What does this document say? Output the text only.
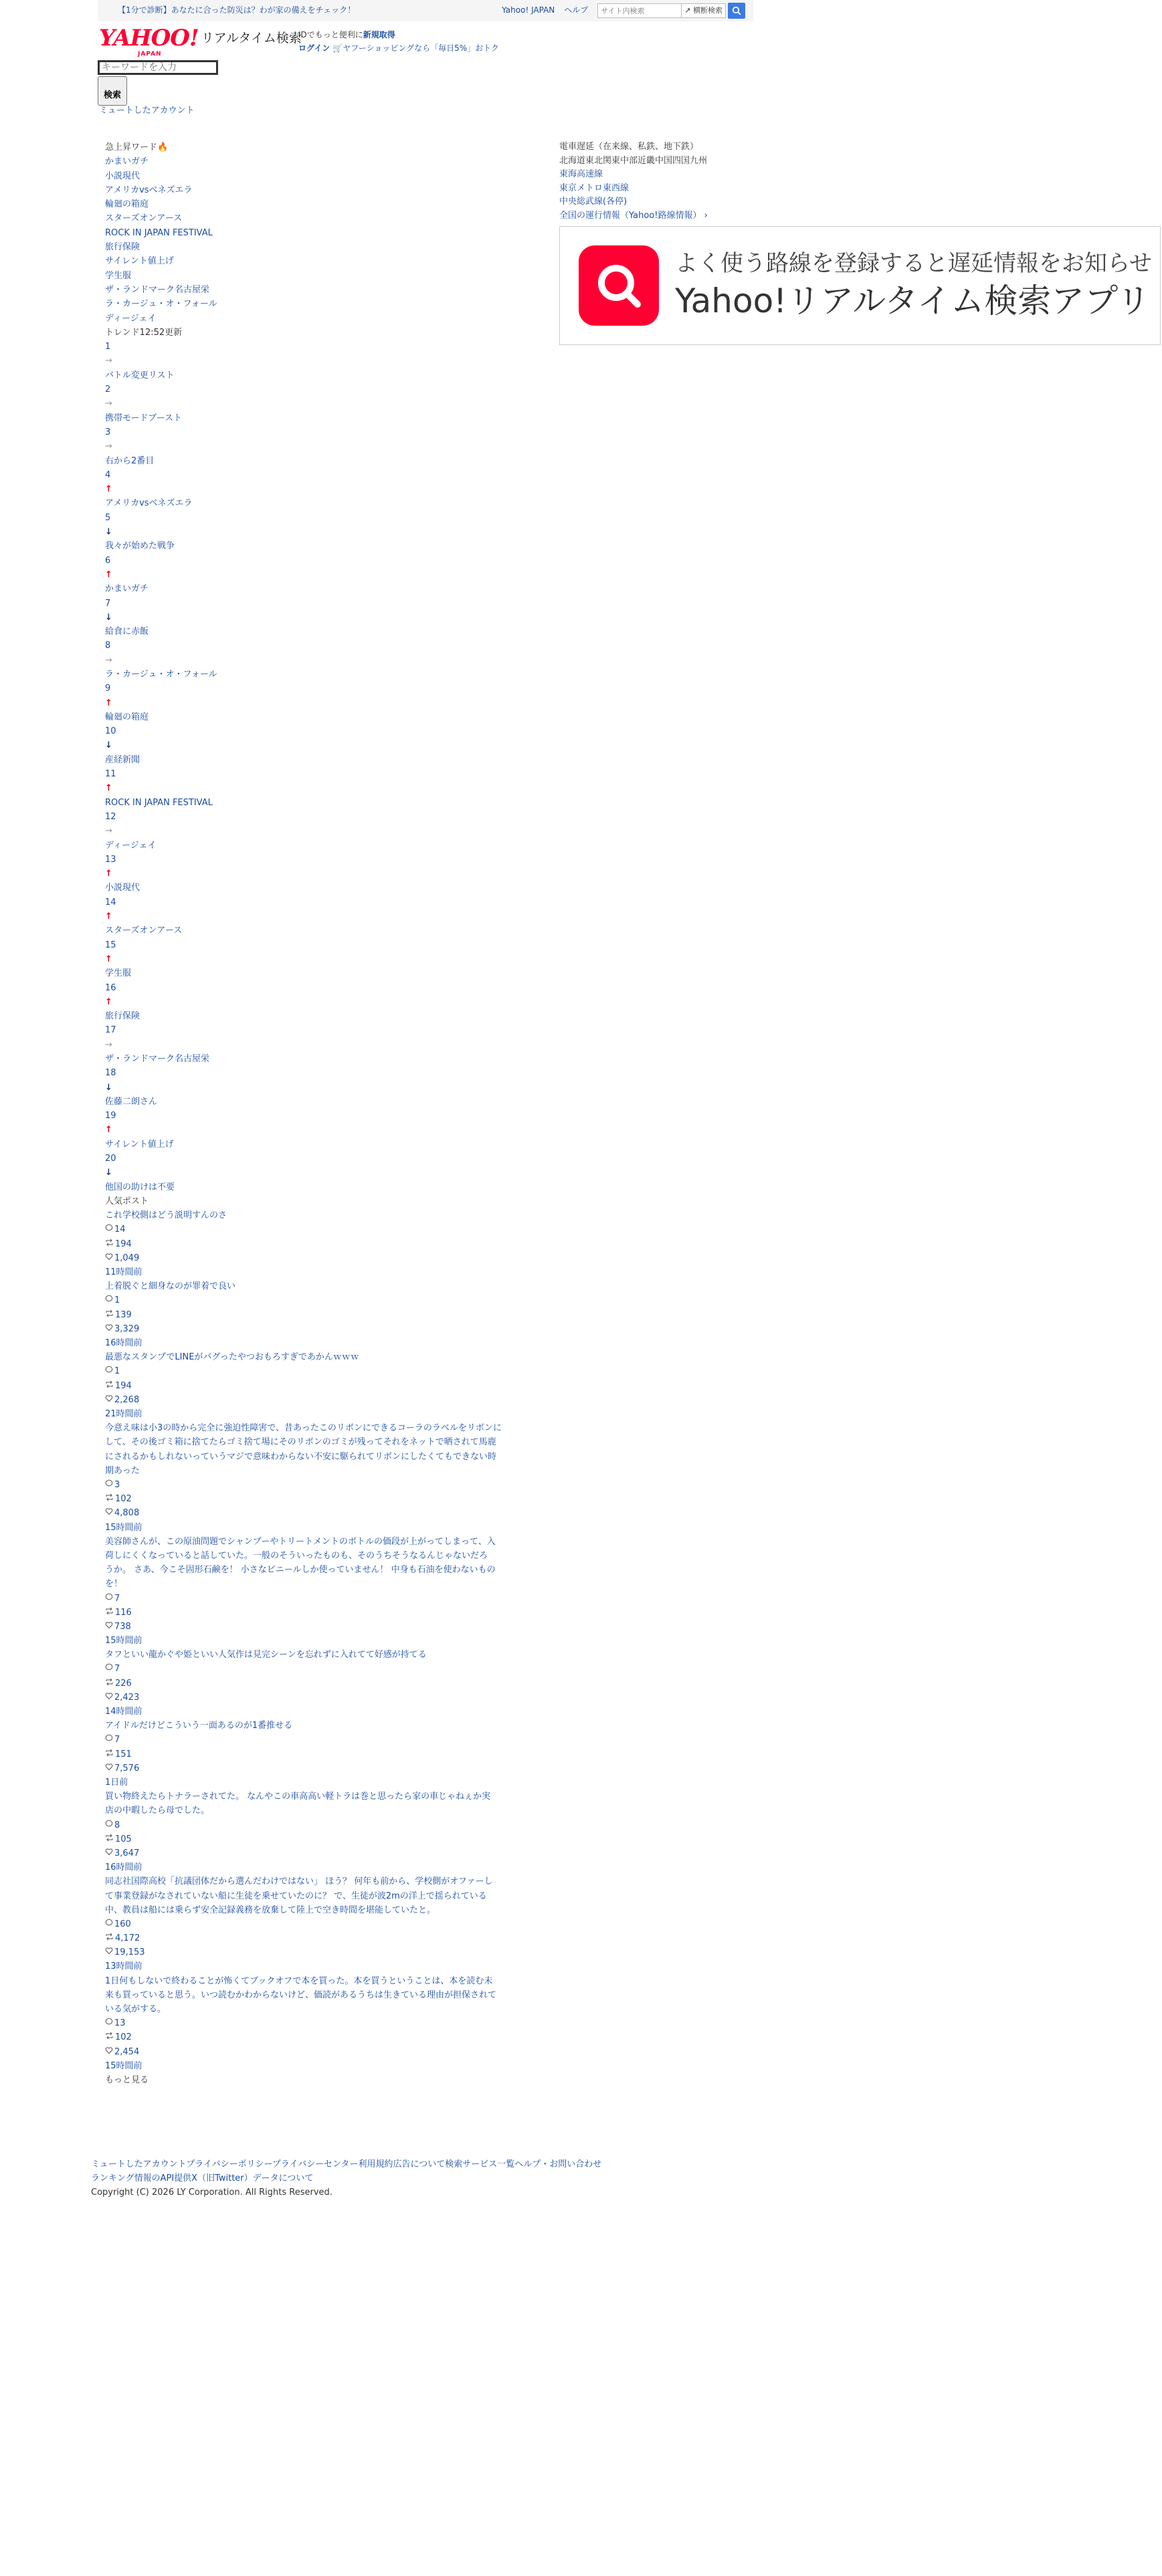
【1分で診断】あなたに合った防災は？わが家の備えをチェック！	Yahoo! JAPAN ヘルプ
サイト内検索	↗ 横断検索
YAHOO! リアルタイム検索
JAPAN
IDでもっと便利に新規取得
ログイン 🛒ヤフーショッピングなら「毎日5%」おトク
キーワードを入力
検索
ミュートしたアカウント
急上昇ワード🔥
かまいガチ
小説現代
アメリカvsベネズエラ
輪廻の箱庭
スターズオンアース
ROCK IN JAPAN FESTIVAL
旅行保険
サイレント値上げ
学生服
ザ・ランドマーク名古屋栄
ラ・カージュ・オ・フォール
ディージェイ
トレンド12:52更新
1
→
バトル変更リスト
2
→
携帯モードブースト
3
→
右から2番目
4
↑
アメリカvsベネズエラ
5
↓
我々が始めた戦争
6
↑
かまいガチ
7
↓
給食に赤飯
8
→
ラ・カージュ・オ・フォール
9
↑
輪廻の箱庭
10
↓
産経新聞
11
↑
ROCK IN JAPAN FESTIVAL
12
→
ディージェイ
13
↑
小説現代
14
↑
スターズオンアース
15
↑
学生服
16
↑
旅行保険
17
→
ザ・ランドマーク名古屋栄
18
↓
佐藤二朗さん
19
↑
サイレント値上げ
20
↓
他国の助けは不要
人気ポスト
これ学校側はどう説明すんのさ
14
194
1,049
11時間前
上着脱ぐと細身なのが罪着で良い
1
139
3,329
16時間前
最悪なスタンプでLINEがバグったやつおもろすぎであかんｗｗｗ
1
194
2,268
21時間前
今意え味は小3の時から完全に強迫性障害で、昔あったこのリボンにできるコーラのラベルをリボンに
して、その後ゴミ箱に捨てたらゴミ捨て場にそのリボンのゴミが残ってそれをネットで晒されて馬鹿
にされるかもしれないっていうマジで意味わからない不安に駆られてリボンにしたくてもできない時
期あった
3
102
4,808
15時間前
美容師さんが、この原油問題でシャンプーやトリートメントのボトルの価段が上がってしまって、入
荷しにくくなっていると話していた。一般のそういったものも、そのうちそうなるんじゃないだろ
うか。 さあ、今こそ固形石鹸を！ 小さなビニールしか使っていません！ 中身も石油を使わないもの
を！
7
116
738
15時間前
タフといい龍かぐや姫といい人気作は見完シーンを忘れずに入れてて好感が持てる
7
226
2,423
14時間前
アイドルだけどこういう一面あるのが1番推せる
7
151
7,576
1日前
買い物終えたらトナラーされてた。 なんやこの車高高い軽トラは巻と思ったら家の車じゃねぇか実
店の中暇したら母でした。
8
105
3,647
16時間前
同志社国際高校「抗議団体だから選んだわけではない」 ほう？ 何年も前から、学校側がオファーし
て事業登録がなされていない船に生徒を乗せていたのに？ で、生徒が波2mの洋上で揺られている
中、教員は船には乗らず安全記録義務を放棄して陸上で空き時間を堪能していたと。
160
4,172
19,153
13時間前
1日何もしないで終わることが怖くてブックオフで本を買った。本を買うということは、本を読む未
来も買っていると思う。いつ読むかわからないけど、価読があるうちは生きている理由が担保されて
いる気がする。
13
102
2,454
15時間前
もっと見る
電車遅延（在来線、私鉄、地下鉄）
北海道東北関東中部近畿中国四国九州
東海高速線
東京メトロ東西線
中央総武線(各停)
全国の運行情報（Yahoo!路線情報） ›
よく使う路線を登録すると遅延情報をお知らせ
Yahoo!リアルタイム検索アプリ
ミュートしたアカウントプライバシーポリシープライバシーセンター利用規約広告について検索サービス一覧ヘルプ・お問い合わせ
ランキング情報のAPI提供X（旧Twitter）データについて
Copyright (C) 2026 LY Corporation. All Rights Reserved.
